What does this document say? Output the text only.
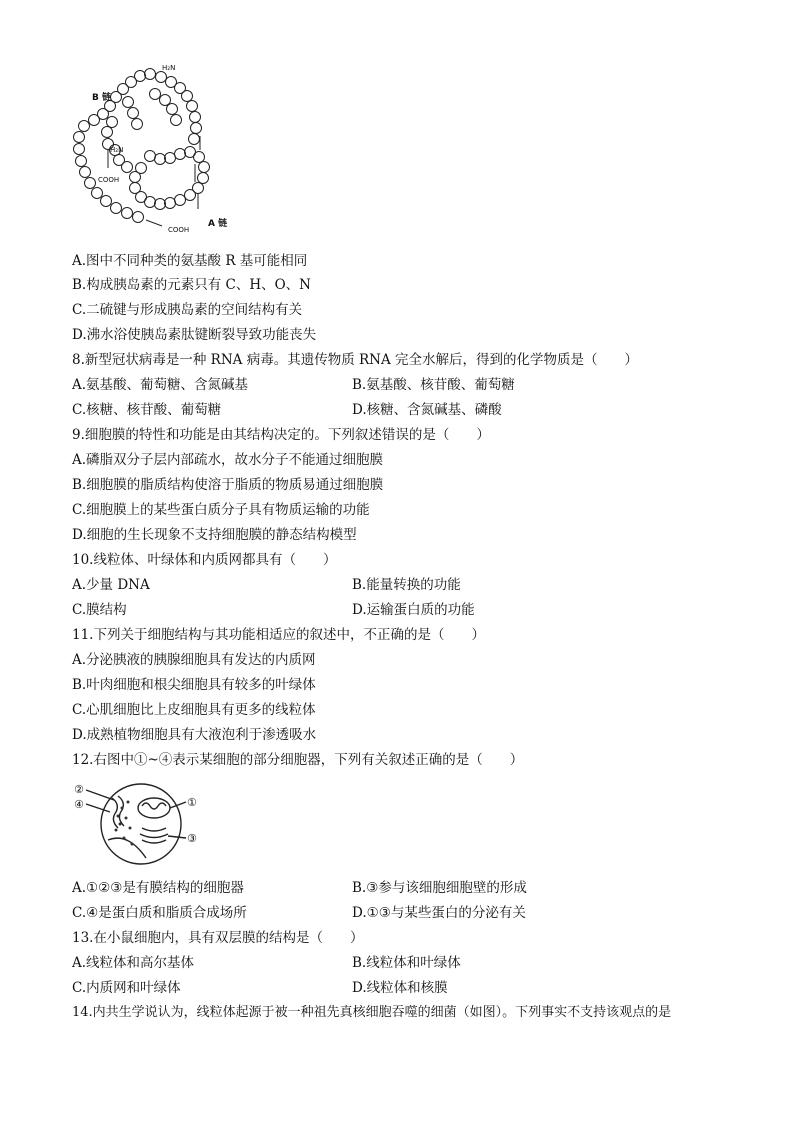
H₂N
H₂N
COOH
COOH
B 链
A 链
A.图中不同种类的氨基酸 R 基可能相同
B.构成胰岛素的元素只有 C、H、O、N
C.二硫键与形成胰岛素的空间结构有关
D.沸水浴使胰岛素肽键断裂导致功能丧失
8.新型冠状病毒是一种 RNA 病毒。其遗传物质 RNA 完全水解后，得到的化学物质是（　　）
A.氨基酸、葡萄糖、含氮碱基	B.氨基酸、核苷酸、葡萄糖
C.核糖、核苷酸、葡萄糖	D.核糖、含氮碱基、磷酸
9.细胞膜的特性和功能是由其结构决定的。下列叙述错误的是（　　）
A.磷脂双分子层内部疏水，故水分子不能通过细胞膜
B.细胞膜的脂质结构使溶于脂质的物质易通过细胞膜
C.细胞膜上的某些蛋白质分子具有物质运输的功能
D.细胞的生长现象不支持细胞膜的静态结构模型
10.线粒体、叶绿体和内质网都具有（　　）
A.少量 DNA	B.能量转换的功能
C.膜结构	D.运输蛋白质的功能
11.下列关于细胞结构与其功能相适应的叙述中，不正确的是（　　）
A.分泌胰液的胰腺细胞具有发达的内质网
B.叶肉细胞和根尖细胞具有较多的叶绿体
C.心肌细胞比上皮细胞具有更多的线粒体
D.成熟植物细胞具有大液泡利于渗透吸水
12.右图中①~④表示某细胞的部分细胞器，下列有关叙述正确的是（　　）
②
④	①
③
A.①②③是有膜结构的细胞器	B.③参与该细胞细胞壁的形成
C.④是蛋白质和脂质合成场所	D.①③与某些蛋白的分泌有关
13.在小鼠细胞内，具有双层膜的结构是（　　）
A.线粒体和高尔基体	B.线粒体和叶绿体
C.内质网和叶绿体	D.线粒体和核膜
14.内共生学说认为，线粒体起源于被一种祖先真核细胞吞噬的细菌（如图）。下列事实不支持该观点的是
